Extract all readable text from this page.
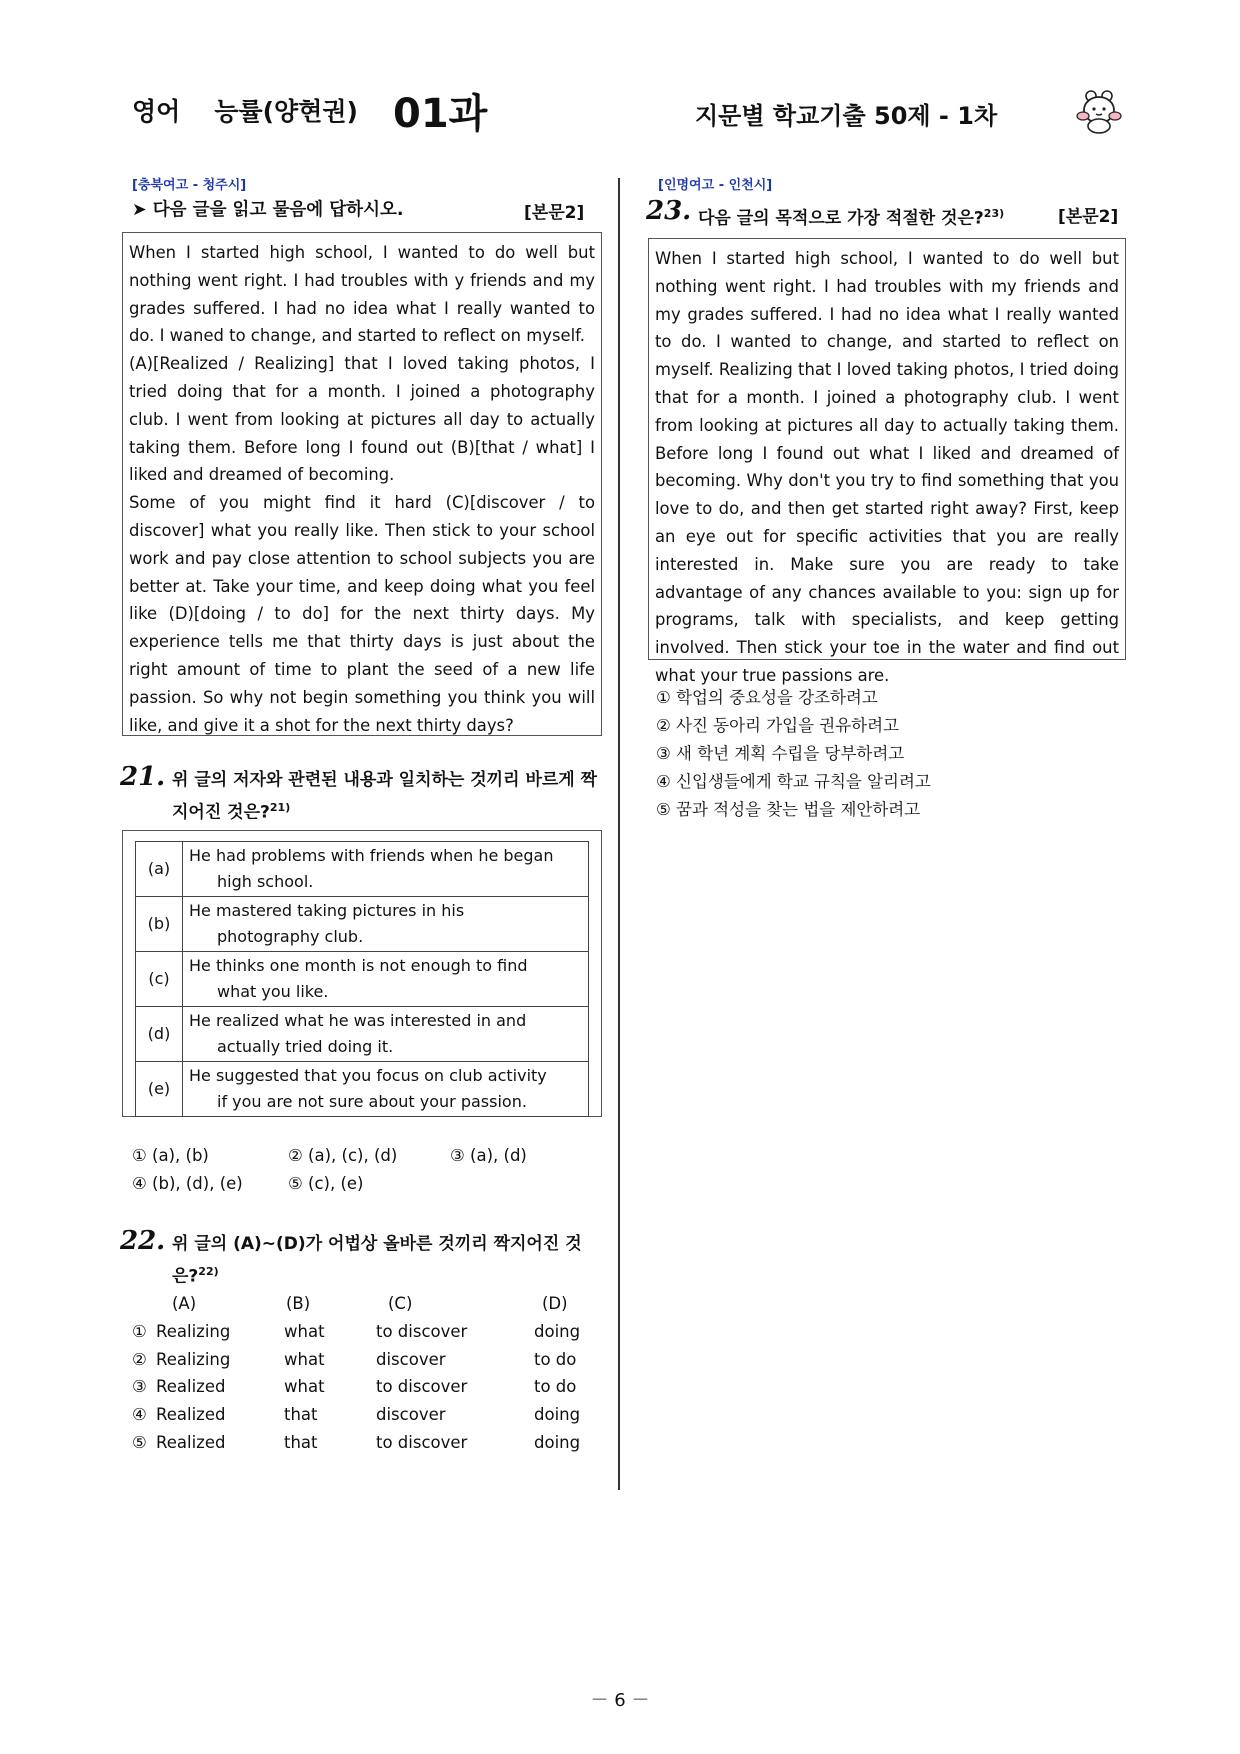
영어 능률(양현권) 01과	지문별 학교기출 50제 - 1차
[충북여고 - 청주시]
➤ 다음 글을 읽고 물음에 답하시오.	[본문2]

When I started high school, I wanted to do well but nothing went right. I had troubles with y friends and my grades suffered. I had no idea what I really wanted to do. I waned to change, and started to reflect on myself.

(A)[Realized / Realizing] that I loved taking photos, I tried doing that for a month. I joined a photography club. I went from looking at pictures all day to actually taking them. Before long I found out (B)[that / what] I liked and dreamed of becoming.

Some of you might find it hard (C)[discover / to discover] what you really like. Then stick to your school work and pay close attention to school subjects you are better at. Take your time, and keep doing what you feel like (D)[doing / to do] for the next thirty days. My experience tells me that thirty days is just about the right amount of time to plant the seed of a new life passion. So why not begin something you think you will like, and give it a shot for the next thirty days?

21. 위 글의 저자와 관련된 내용과 일치하는 것끼리 바르게 짝지어진 것은?$^{21)}$
(a)	He had problems with friends when he began
high school.

(b)	He mastered taking pictures in his
photography club.

(c)	He thinks one month is not enough to find
what you like.

(d)	He realized what he was interested in and
actually tried doing it.

(e)	He suggested that you focus on club activity
if you are not sure about your passion.
① (a), (b)	② (a), (c), (d)	③ (a), (d)
④ (b), (d), (e)	⑤ (c), (e)
22. 위 글의 (A)~(D)가 어법상 올바른 것끼리 짝지어진 것은?$^{22)}$
(A)	(B)	(C)	(D)
① Realizing	what	to discover	doing
② Realizing	what	discover	to do
③ Realized	what	to discover	to do
④ Realized	that	discover	doing
⑤ Realized	that	to discover	doing
[인명여고 - 인천시]
23. 다음 글의 목적으로 가장 적절한 것은?$^{23)}$	[본문2]

When I started high school, I wanted to do well but nothing went right. I had troubles with my friends and my grades suffered. I had no idea what I really wanted to do. I wanted to change, and started to reflect on myself. Realizing that I loved taking photos, I tried doing that for a month. I joined a photography club. I went from looking at pictures all day to actually taking them. Before long I found out what I liked and dreamed of becoming. Why don't you try to find something that you love to do, and then get started right away? First, keep an eye out for specific activities that you are really interested in. Make sure you are ready to take advantage of any chances available to you: sign up for programs, talk with specialists, and keep getting involved. Then stick your toe in the water and find out what your true passions are.

① 학업의 중요성을 강조하려고
② 사진 동아리 가입을 권유하려고
③ 새 학년 계획 수립을 당부하려고
④ 신입생들에게 학교 규칙을 알리려고
⑤ 꿈과 적성을 찾는 법을 제안하려고
－ 6 －
